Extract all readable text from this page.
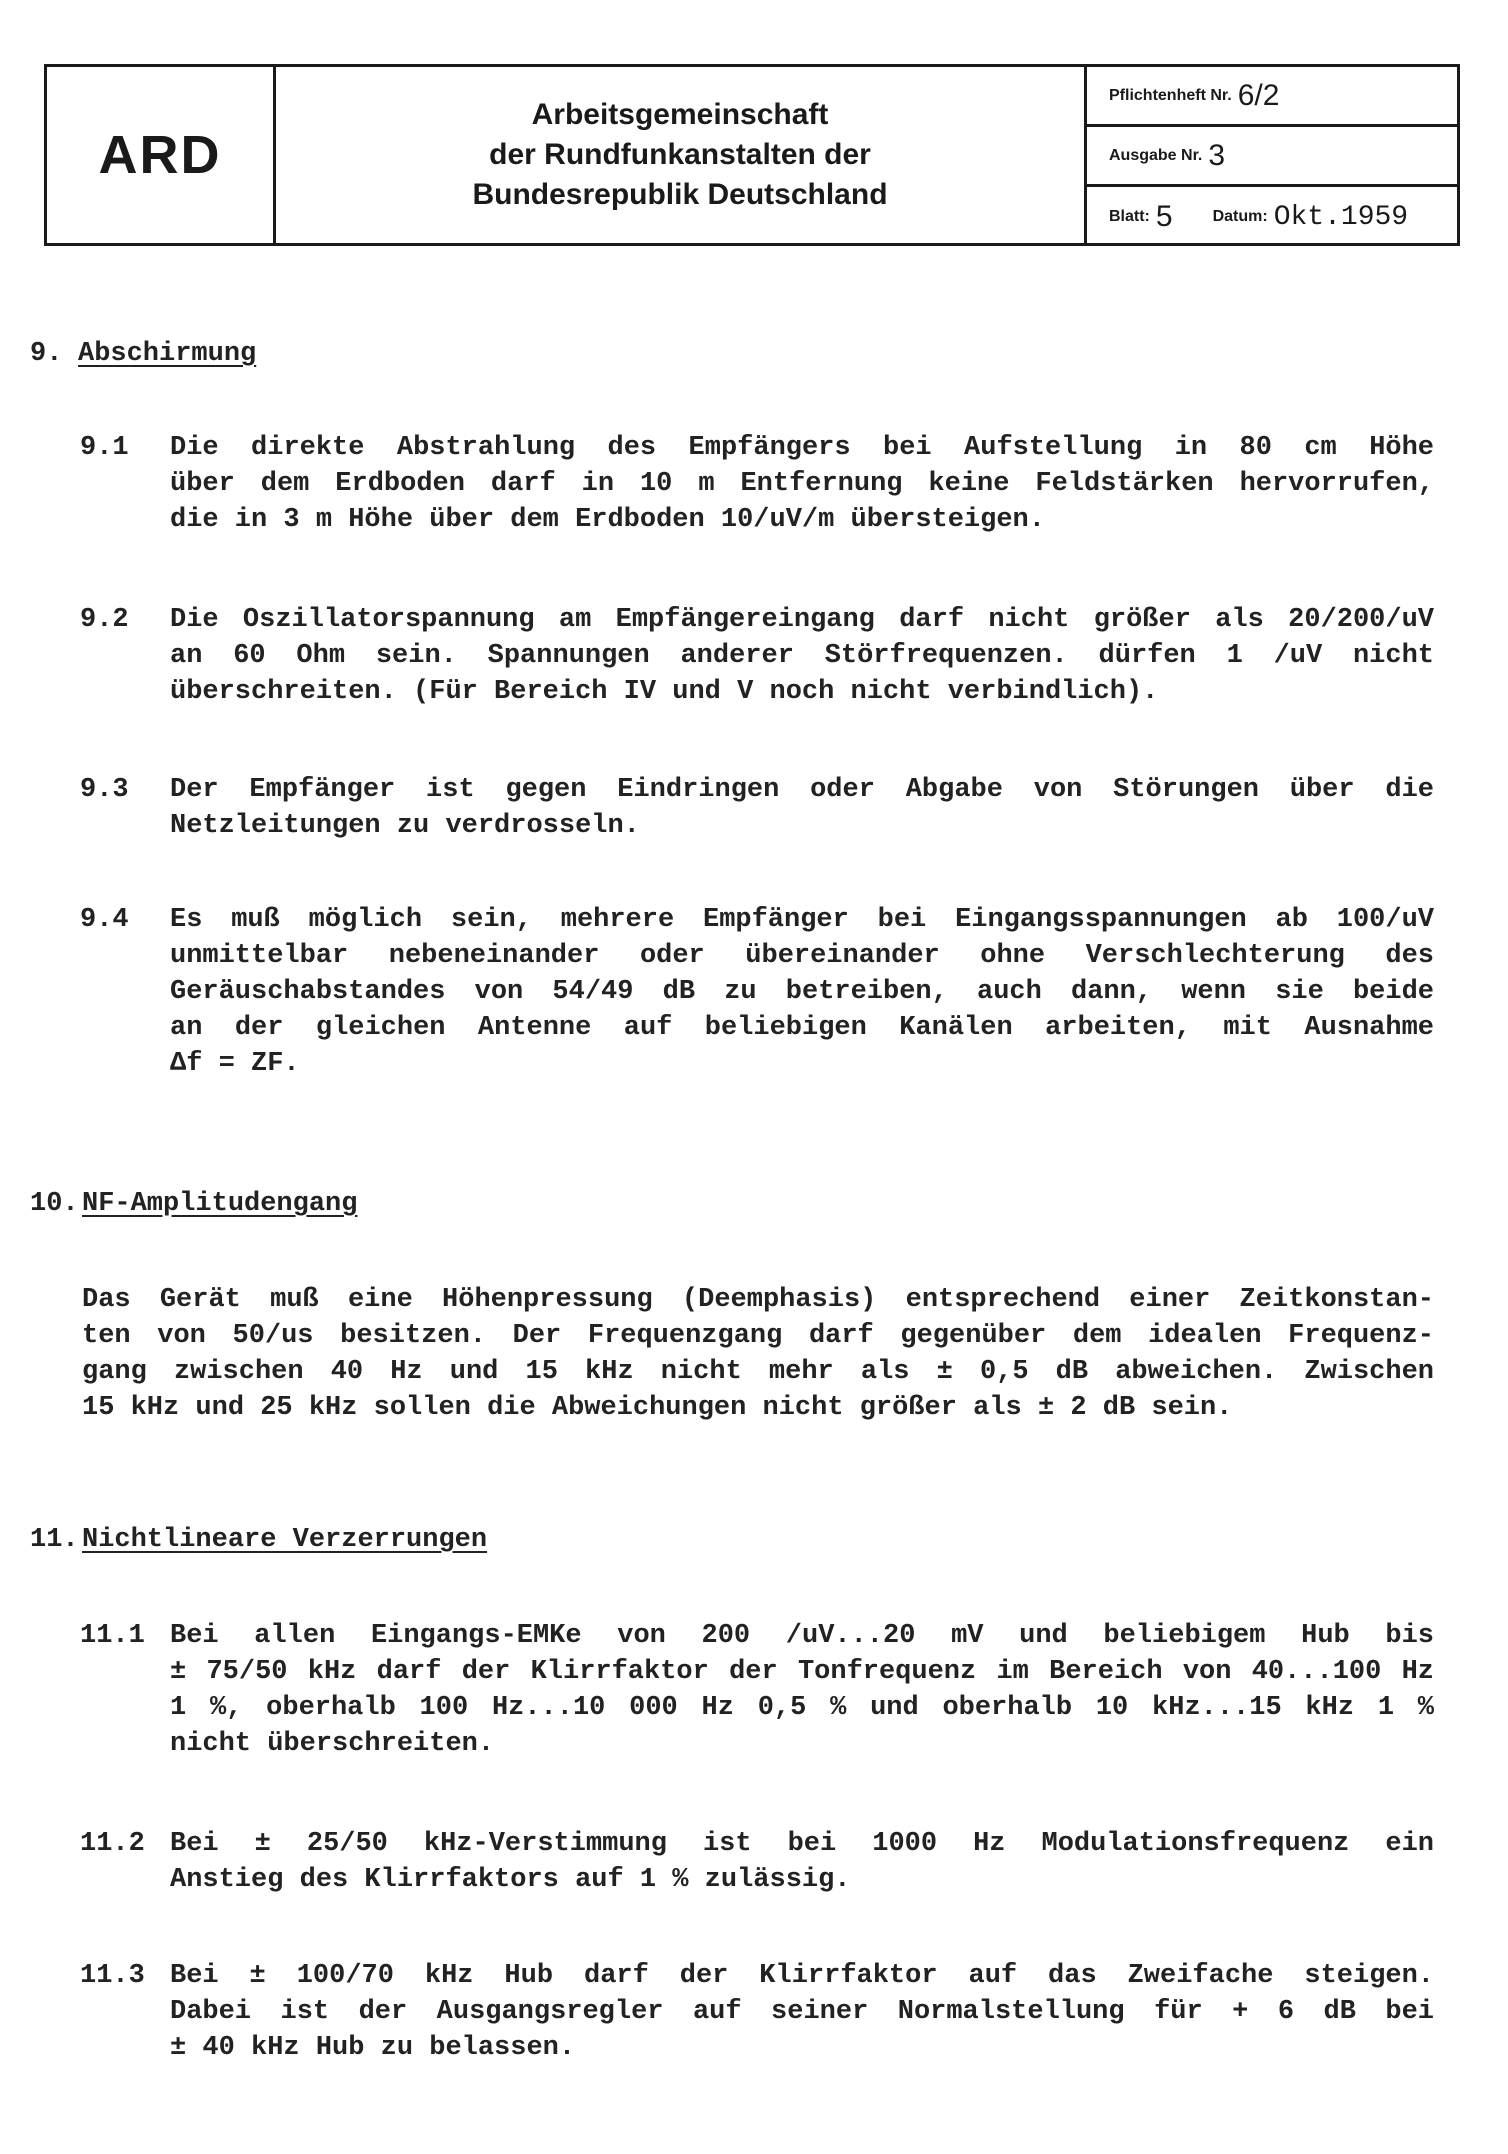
ARD
Arbeitsgemeinschaft
der Rundfunkanstalten der
Bundesrepublik Deutschland
Pflichtenheft Nr. 6/2
Ausgabe Nr. 3
Blatt: 5	Datum: Okt.1959
9. Abschirmung
9.1 Die direkte Abstrahlung des Empfängers bei Aufstellung in 80 cm Höhe
über dem Erdboden darf in 10 m Entfernung keine Feldstärken hervorrufen,
die in 3 m Höhe über dem Erdboden 10/uV/m übersteigen.
9.2 Die Oszillatorspannung am Empfängereingang darf nicht größer als 20/200/uV
an 60 Ohm sein. Spannungen anderer Störfrequenzen. dürfen 1 /uV nicht
überschreiten. (Für Bereich IV und V noch nicht verbindlich).
9.3 Der Empfänger ist gegen Eindringen oder Abgabe von Störungen über die
Netzleitungen zu verdrosseln.
9.4 Es muß möglich sein, mehrere Empfänger bei Eingangsspannungen ab 100/uV
unmittelbar nebeneinander oder übereinander ohne Verschlechterung des
Geräuschabstandes von 54/49 dB zu betreiben, auch dann, wenn sie beide
an der gleichen Antenne auf beliebigen Kanälen arbeiten, mit Ausnahme
Δf = ZF.
10. NF-Amplitudengang
Das Gerät muß eine Höhenpressung (Deemphasis) entsprechend einer Zeitkonstan-
ten von 50/us besitzen. Der Frequenzgang darf gegenüber dem idealen Frequenz-
gang zwischen 40 Hz und 15 kHz nicht mehr als ± 0,5 dB abweichen. Zwischen
15 kHz und 25 kHz sollen die Abweichungen nicht größer als ± 2 dB sein.
11. Nichtlineare Verzerrungen
11.1 Bei allen Eingangs-EMKe von 200 /uV...20 mV und beliebigem Hub bis
± 75/50 kHz darf der Klirrfaktor der Tonfrequenz im Bereich von 40...100 Hz
1 %, oberhalb 100 Hz...10 000 Hz 0,5 % und oberhalb 10 kHz...15 kHz 1 %
nicht überschreiten.
11.2 Bei ± 25/50 kHz-Verstimmung ist bei 1000 Hz Modulationsfrequenz ein
Anstieg des Klirrfaktors auf 1 % zulässig.
11.3 Bei ± 100/70 kHz Hub darf der Klirrfaktor auf das Zweifache steigen.
Dabei ist der Ausgangsregler auf seiner Normalstellung für + 6 dB bei
± 40 kHz Hub zu belassen.
